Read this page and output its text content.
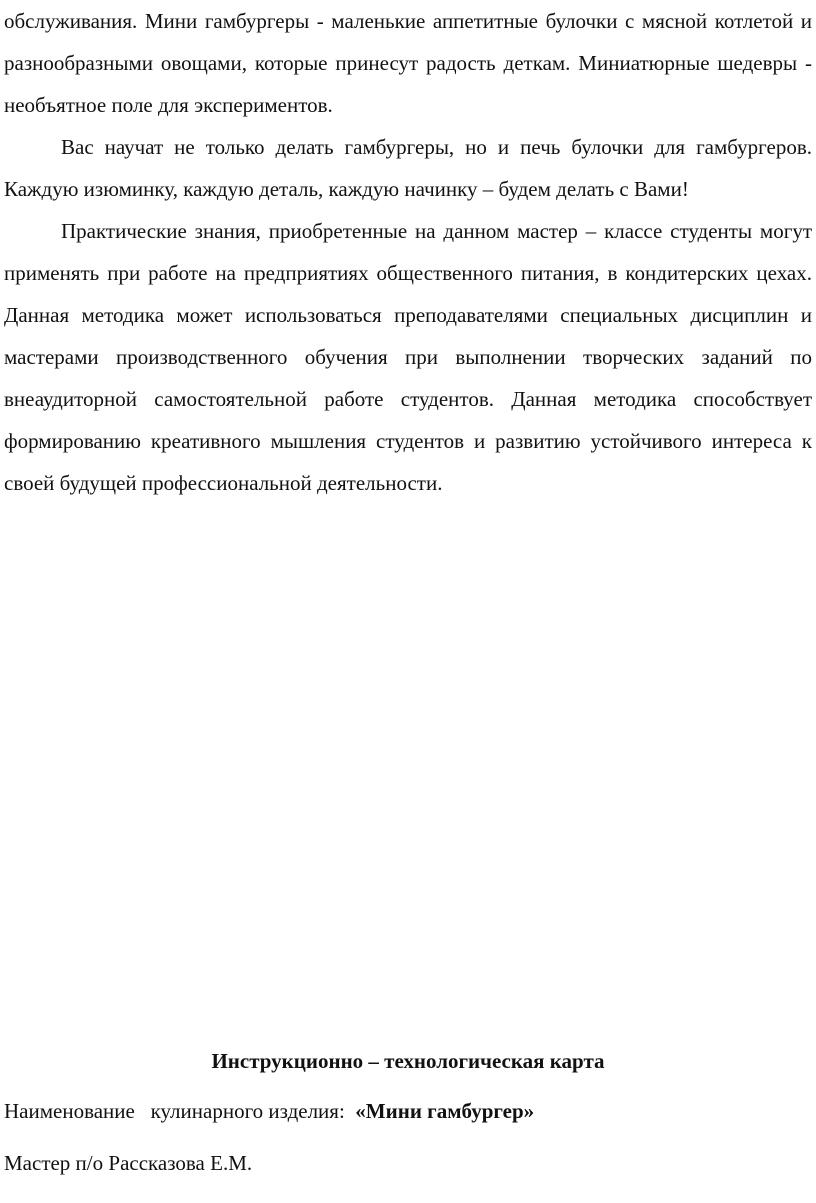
обслуживания. Мини гамбургеры - маленькие аппетитные булочки с мясной котлетой и разнообразными овощами, которые принесут радость деткам. Миниатюрные шедевры - необъятное поле для экспериментов.

Вас научат не только делать гамбургеры, но и печь булочки для гамбургеров. Каждую изюминку, каждую деталь, каждую начинку – будем делать с Вами!

Практические знания, приобретенные на данном мастер – классе студенты могут применять при работе на предприятиях общественного питания, в кондитерских цехах. Данная методика может использоваться преподавателями специальных дисциплин и мастерами производственного обучения при выполнении творческих заданий по внеаудиторной самостоятельной работе студентов. Данная методика способствует формированию креативного мышления студентов и развитию устойчивого интереса к своей будущей профессиональной деятельности.

Инструкционно – технологическая карта
Наименование   кулинарного изделия:  «Мини гамбургер»
Мастер п/о Рассказова Е.М.
